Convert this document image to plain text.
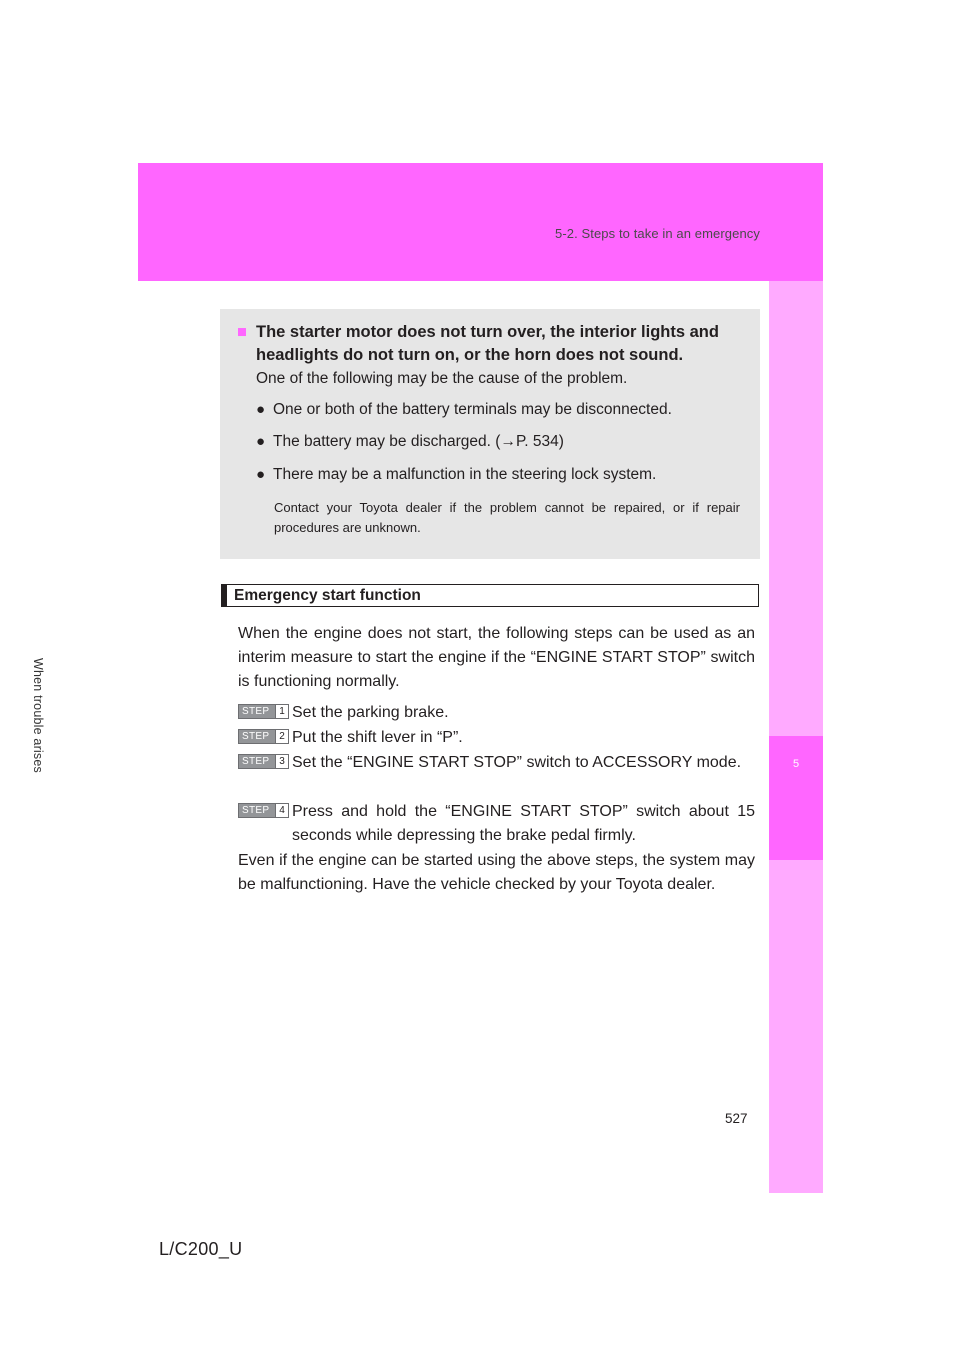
5-2. Steps to take in an emergency
5
When trouble arises
■ The starter motor does not turn over, the interior lights and headlights do not turn on, or the horn does not sound.
One of the following may be the cause of the problem.
● One or both of the battery terminals may be disconnected.
● The battery may be discharged. (→P. 534)
● There may be a malfunction in the steering lock system.
Contact your Toyota dealer if the problem cannot be repaired, or if repair procedures are unknown.
Emergency start function
When the engine does not start, the following steps can be used as an interim measure to start the engine if the “ENGINE START STOP” switch is functioning normally.
STEP 1 Set the parking brake.
STEP 2 Put the shift lever in “P”.
STEP 3 Set the “ENGINE START STOP” switch to ACCESSORY mode.
STEP 4 Press and hold the “ENGINE START STOP” switch about 15 seconds while depressing the brake pedal firmly.
Even if the engine can be started using the above steps, the system may be malfunctioning. Have the vehicle checked by your Toyota dealer.
527
L/C200_U
